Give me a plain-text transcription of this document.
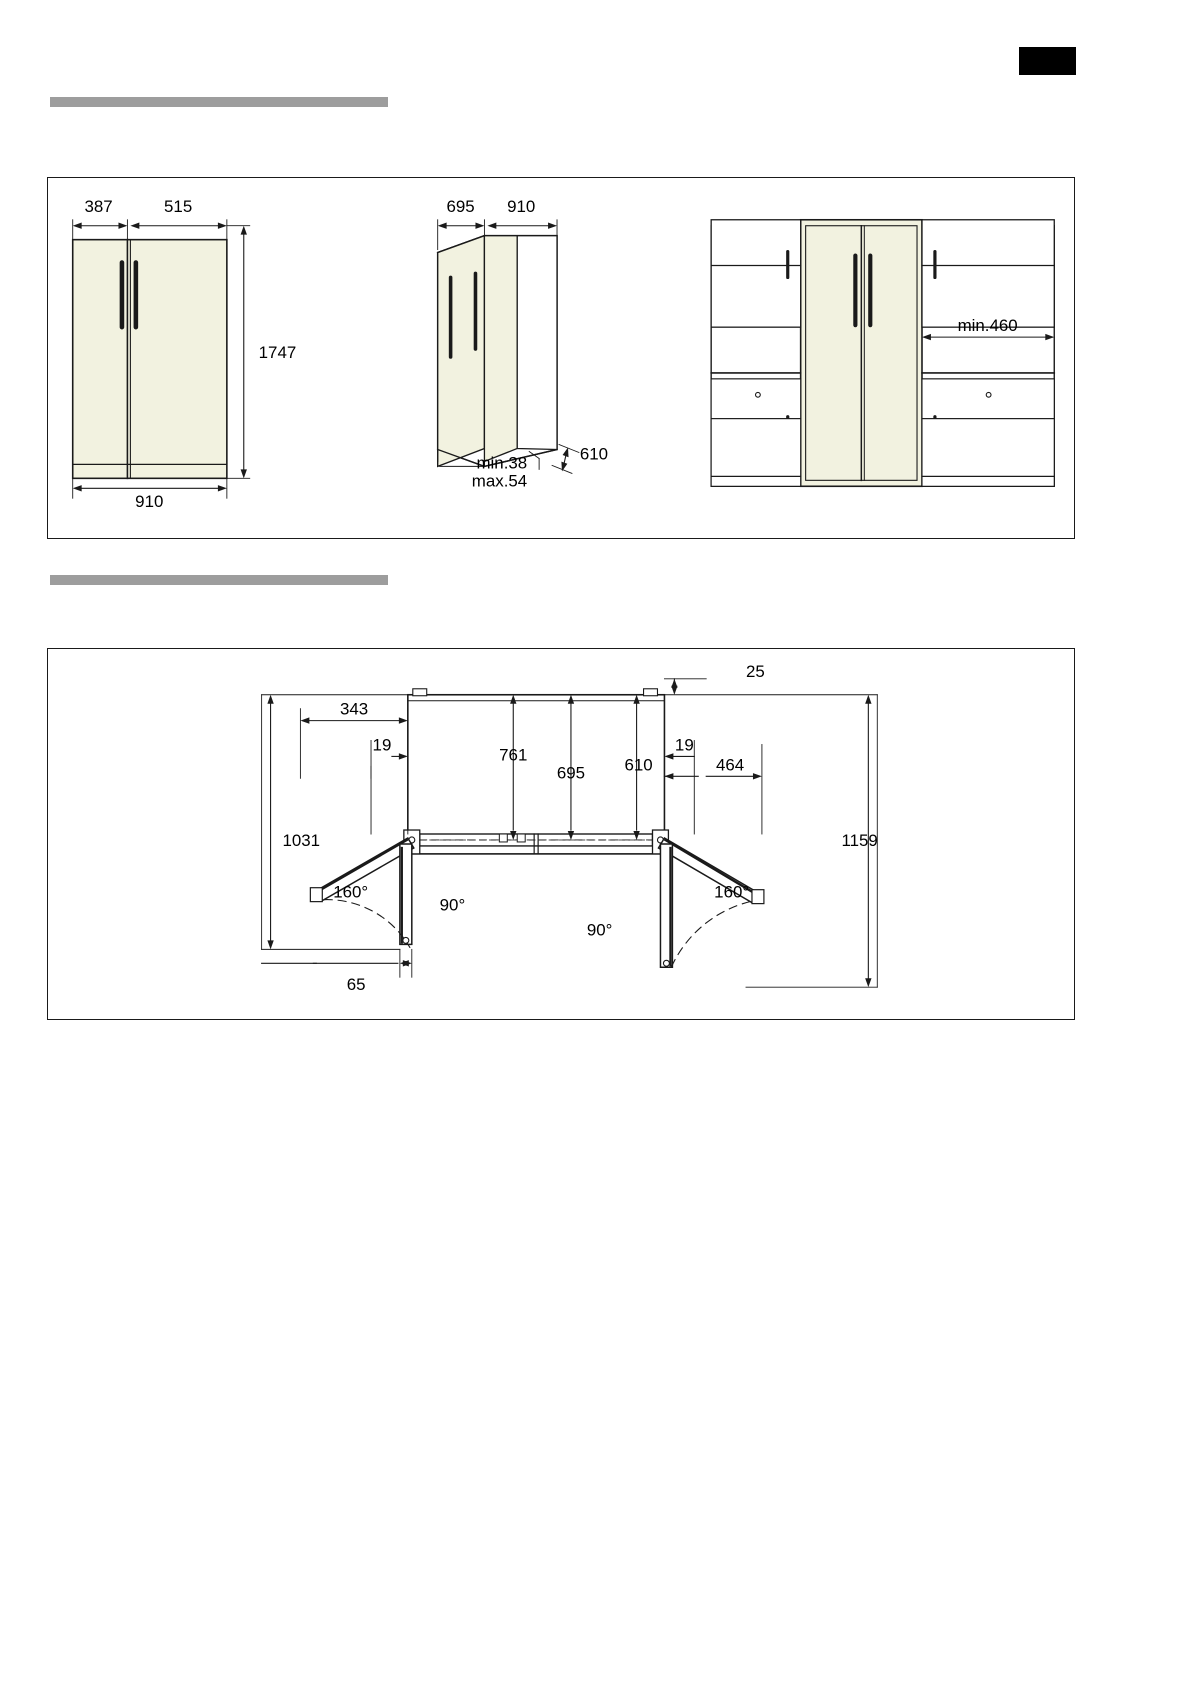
387	515
1747
910
695 910
610
min.38
max.54
min.460
25
343
19
761
695 610
19
464
1031	1159
65
160°
90°
90°
160°
